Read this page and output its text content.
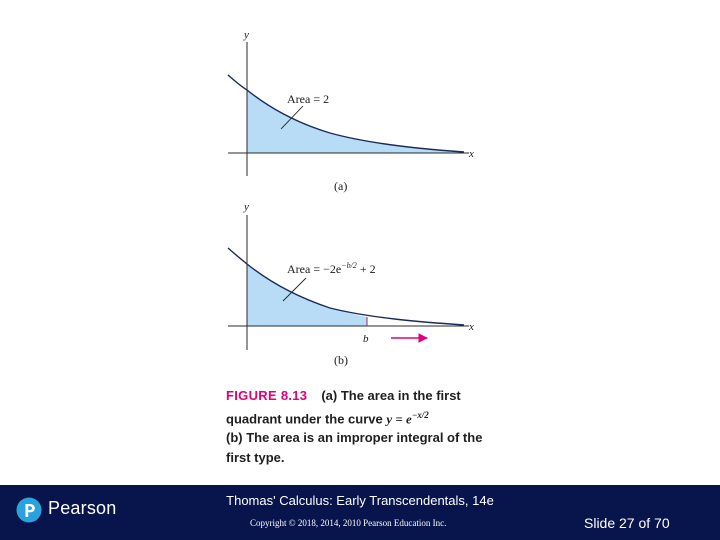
y
x
Area = 2
(a)
y
x
Area = $-2e^{-b/2} + 2$
b
(b)
FIGURE 8.13 (a) The area in the first
quadrant under the curve $y = e^{-x/2}$
(b) The area is an improper integral of the
first type.
Pearson	Thomas' Calculus: Early Transcendentals, 14e
Copyright © 2018, 2014, 2010 Pearson Education Inc.	Slide 27 of 70
